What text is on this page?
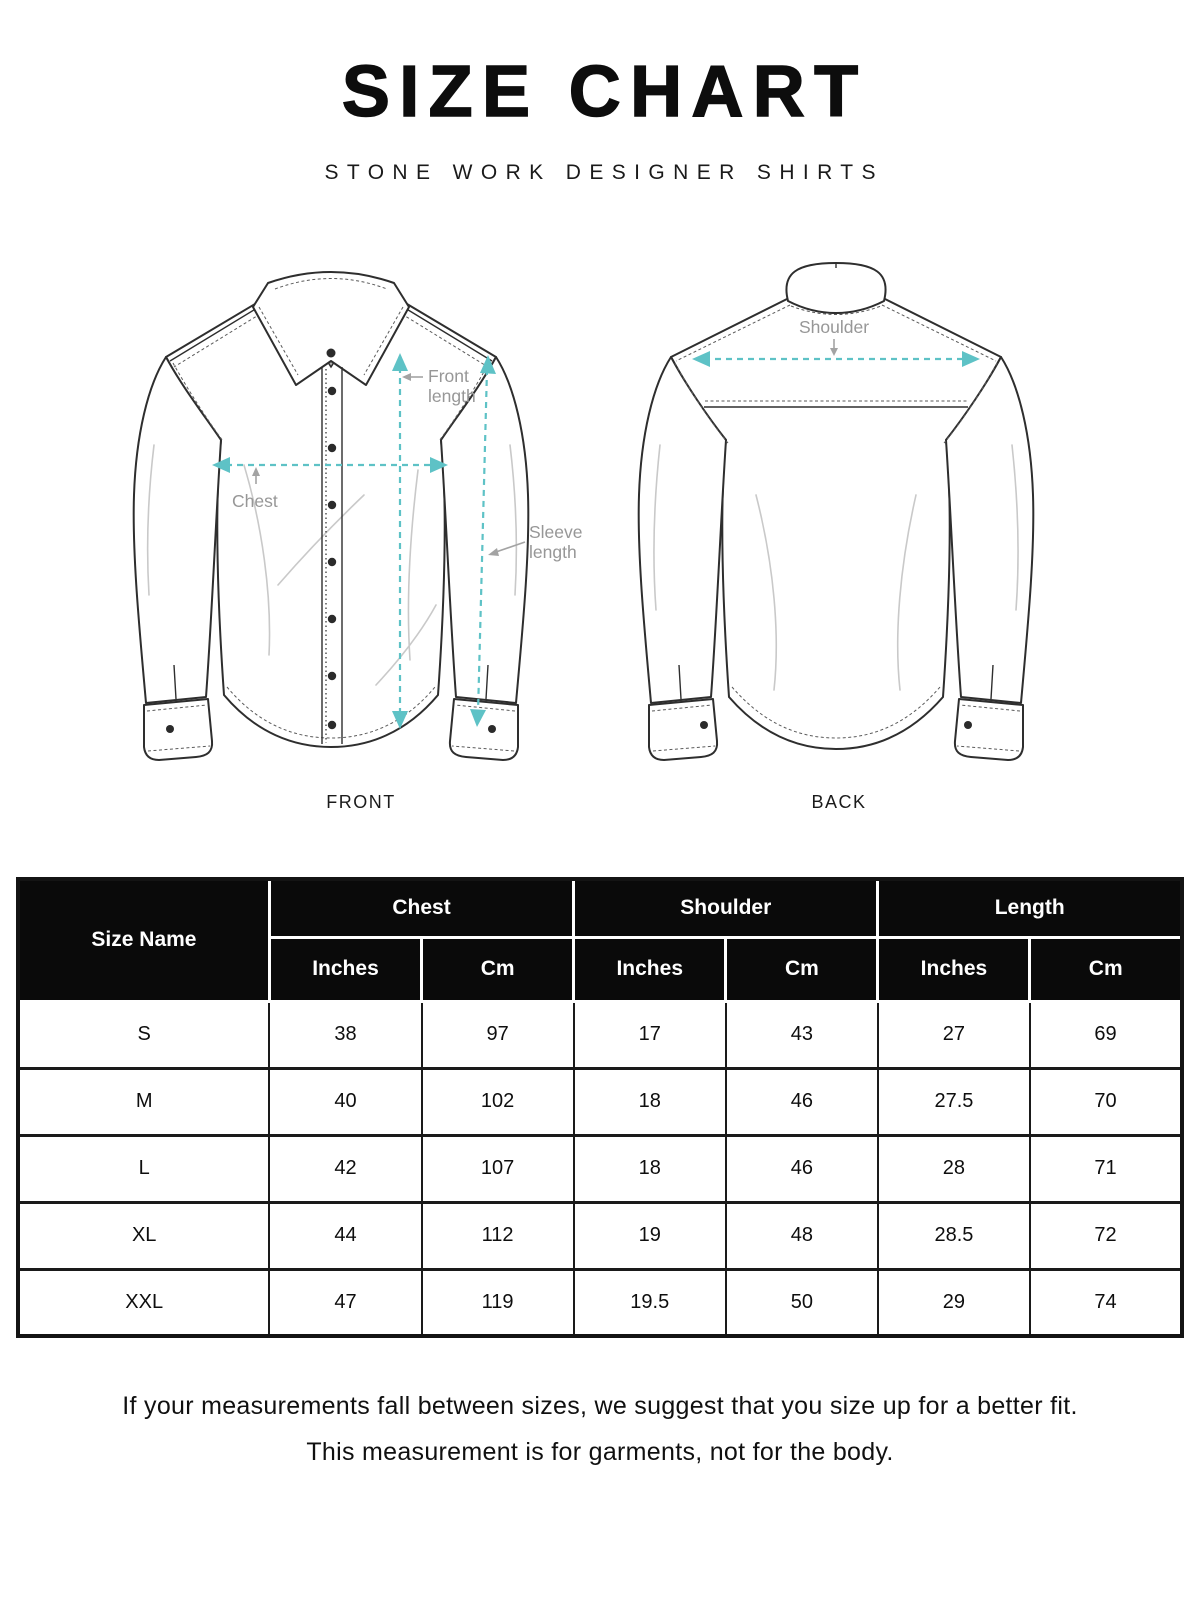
SIZE CHART
STONE WORK DESIGNER SHIRTS
Front
length
Chest
Sleeve
length
FRONT
Shoulder
BACK
Size Name	Chest		Shoulder		Length	
	Inches	Cm	Inches	Cm	Inches	Cm
S	38	97	17	43	27	69
M	40	102	18	46	27.5	70
L	42	107	18	46	28	71
XL	44	112	19	48	28.5	72
XXL	47	119	19.5	50	29	74

If your measurements fall between sizes, we suggest that you size up for a better fit.

This measurement is for garments, not for the body.
